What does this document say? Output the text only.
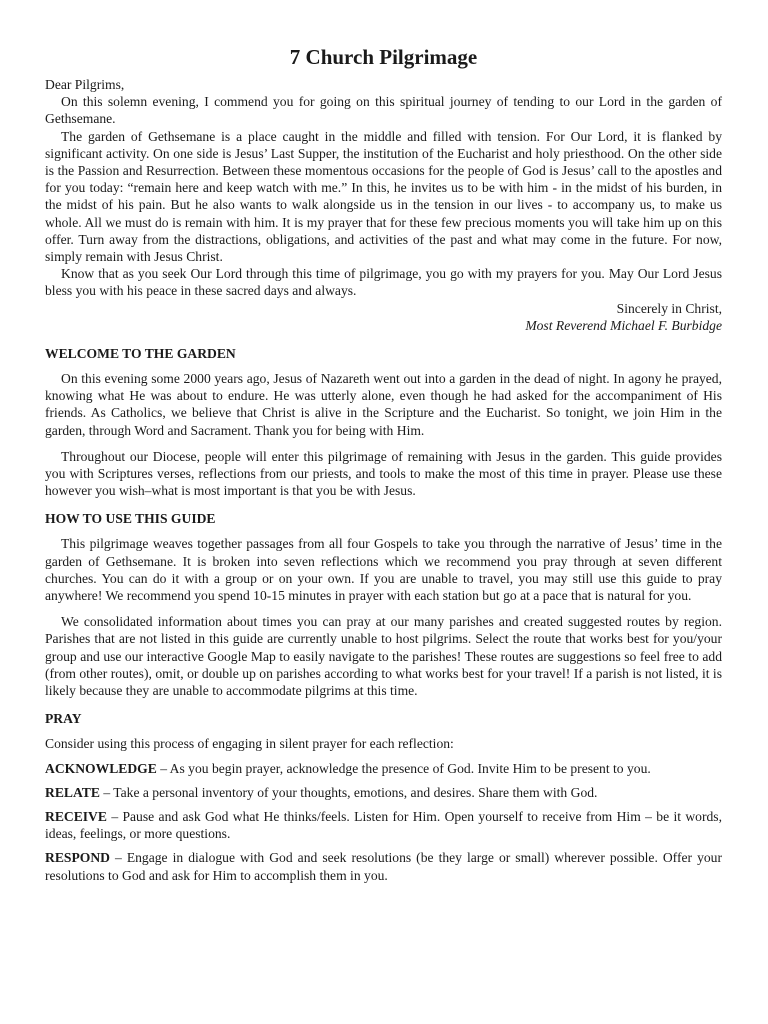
7 Church Pilgrimage

Dear Pilgrims,

On this solemn evening, I commend you for going on this spiritual journey of tending to our Lord in the garden of Gethsemane.

The garden of Gethsemane is a place caught in the middle and filled with tension. For Our Lord, it is flanked by significant activity. On one side is Jesus’ Last Supper, the institution of the Eucharist and holy priesthood. On the other side is the Passion and Resurrection. Between these momentous occasions for the people of God is Jesus’ call to the apostles and for you today: “remain here and keep watch with me.” In this, he invites us to be with him - in the midst of his burden, in the midst of his pain. But he also wants to walk alongside us in the tension in our lives - to accompany us, to make us whole. All we must do is remain with him. It is my prayer that for these few precious moments you will take him up on this offer. Turn away from the distractions, obligations, and activities of the past and what may come in the future. For now, simply remain with Jesus Christ.

Know that as you seek Our Lord through this time of pilgrimage, you go with my prayers for you. May Our Lord Jesus bless you with his peace in these sacred days and always.

Sincerely in Christ,

Most Reverend Michael F. Burbidge

WELCOME TO THE GARDEN

On this evening some 2000 years ago, Jesus of Nazareth went out into a garden in the dead of night. In agony he prayed, knowing what He was about to endure. He was utterly alone, even though he had asked for the accompaniment of His friends. As Catholics, we believe that Christ is alive in the Scripture and the Eucharist. So tonight, we join Him in the garden, through Word and Sacrament. Thank you for being with Him.

Throughout our Diocese, people will enter this pilgrimage of remaining with Jesus in the garden. This guide provides you with Scriptures verses, reflections from our priests, and tools to make the most of this time in prayer. Please use these however you wish–what is most important is that you be with Jesus.

HOW TO USE THIS GUIDE

This pilgrimage weaves together passages from all four Gospels to take you through the narrative of Jesus’ time in the garden of Gethsemane. It is broken into seven reflections which we recommend you pray through at seven different churches. You can do it with a group or on your own. If you are unable to travel, you may still use this guide to pray anywhere! We recommend you spend 10-15 minutes in prayer with each station but go at a pace that is natural for you.

We consolidated information about times you can pray at our many parishes and created suggested routes by region. Parishes that are not listed in this guide are currently unable to host pilgrims. Select the route that works best for you/your group and use our interactive Google Map to easily navigate to the parishes! These routes are suggestions so feel free to add (from other routes), omit, or double up on parishes according to what works best for your travel! If a parish is not listed, it is likely because they are unable to accommodate pilgrims at this time.

PRAY

Consider using this process of engaging in silent prayer for each reflection:

ACKNOWLEDGE – As you begin prayer, acknowledge the presence of God. Invite Him to be present to you.

RELATE – Take a personal inventory of your thoughts, emotions, and desires. Share them with God.

RECEIVE – Pause and ask God what He thinks/feels. Listen for Him. Open yourself to receive from Him – be it words, ideas, feelings, or more questions.

RESPOND – Engage in dialogue with God and seek resolutions (be they large or small) wherever possible. Offer your resolutions to God and ask for Him to accomplish them in you.
